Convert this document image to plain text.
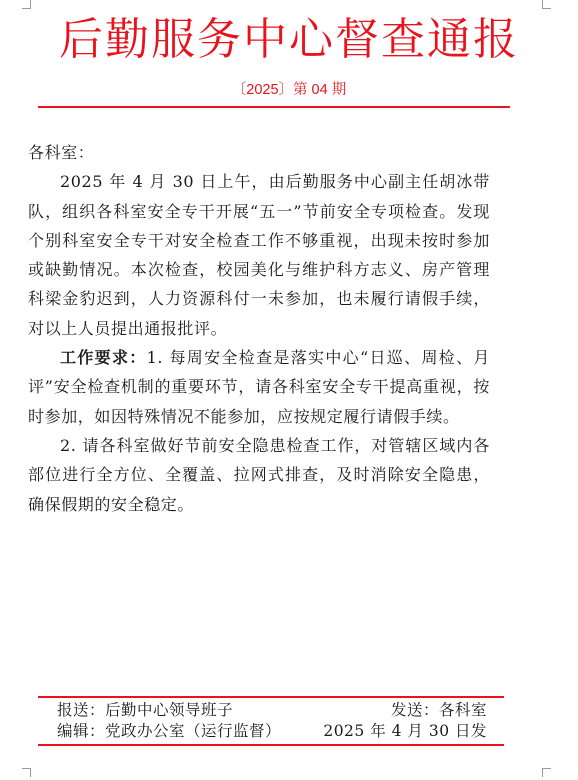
后勤服务中心督查通报
〔2025〕第 04 期

各科室：

2025 年 4 月 30 日上午，由后勤服务中心副主任胡冰带队，组织各科室安全专干开展“五一”节前安全专项检查。发现个别科室安全专干对安全检查工作不够重视，出现未按时参加或缺勤情况。本次检查，校园美化与维护科方志义、房产管理科梁金豹迟到，人力资源科付一未参加，也未履行请假手续，对以上人员提出通报批评。

工作要求：1. 每周安全检查是落实中心“日巡、周检、月评”安全检查机制的重要环节，请各科室安全专干提高重视，按时参加，如因特殊情况不能参加，应按规定履行请假手续。

2. 请各科室做好节前安全隐患检查工作，对管辖区域内各部位进行全方位、全覆盖、拉网式排查，及时消除安全隐患，确保假期的安全稳定。

报送：后勤中心领导班子	发送：各科室
编辑：党政办公室（运行监督）	2025 年 4 月 30 日发
